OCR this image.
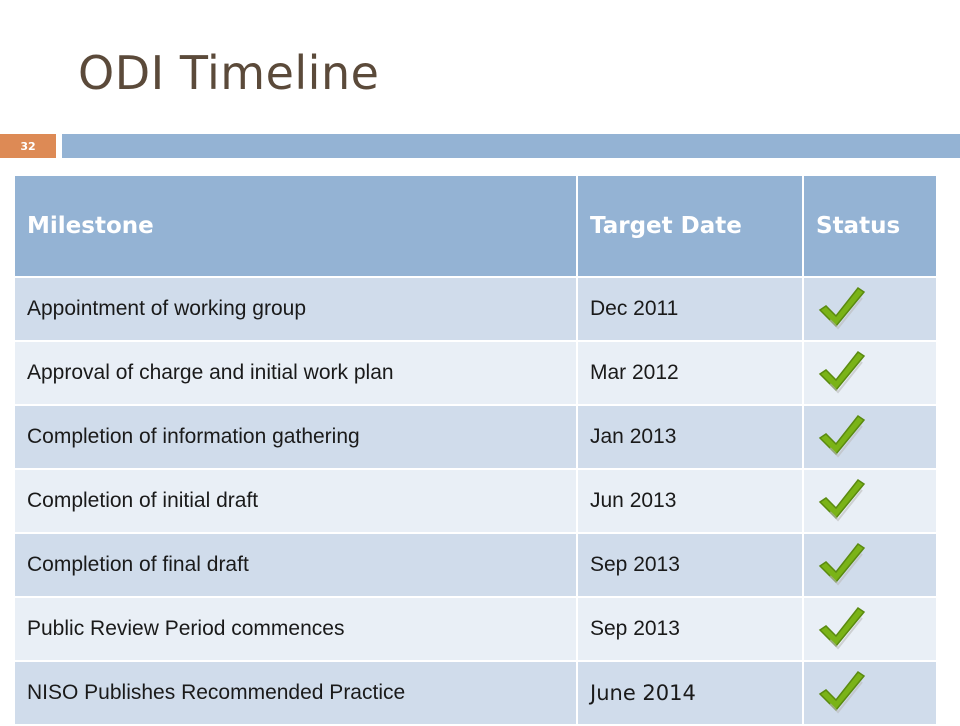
ODI Timeline
32
Milestone	Target Date	Status
Appointment of working group	Dec 2011	
Approval of charge and initial work plan	Mar 2012	
Completion of information gathering	Jan 2013	
Completion of initial draft	Jun 2013	
Completion of final draft	Sep 2013	
Public Review Period commences	Sep 2013	
NISO Publishes Recommended Practice	June 2014	
